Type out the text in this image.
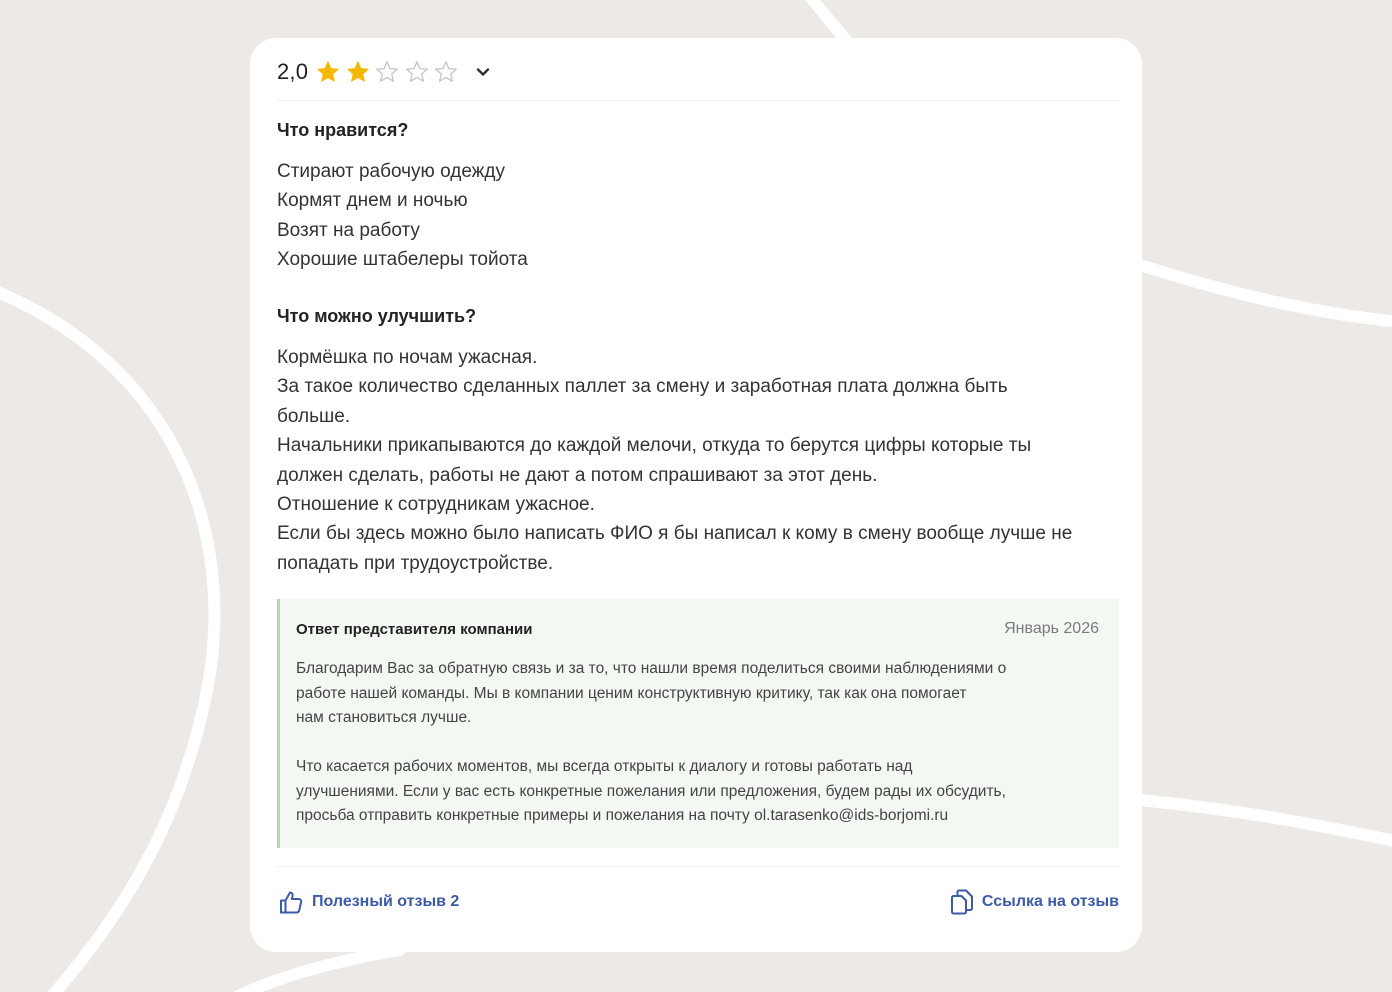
2,0
Что нравится?
Стирают рабочую одежду
Кормят днем и ночью
Возят на работу
Хорошие штабелеры тойота
Что можно улучшить?
Кормёшка по ночам ужасная.
За такое количество сделанных паллет за смену и заработная плата должна быть
больше.
Начальники прикапываются до каждой мелочи, откуда то берутся цифры которые ты
должен сделать, работы не дают а потом спрашивают за этот день.
Отношение к сотрудникам ужасное.
Если бы здесь можно было написать ФИО я бы написал к кому в смену вообще лучше не
попадать при трудоустройстве.
Ответ представителя компании	Январь 2026
Благодарим Вас за обратную связь и за то, что нашли время поделиться своими наблюдениями о
работе нашей команды. Мы в компании ценим конструктивную критику, так как она помогает
нам становиться лучше.
Что касается рабочих моментов, мы всегда открыты к диалогу и готовы работать над
улучшениями. Если у вас есть конкретные пожелания или предложения, будем рады их обсудить,
просьба отправить конкретные примеры и пожелания на почту ol.tarasenko@ids-borjomi.ru
Полезный отзыв 2	Ссылка на отзыв
